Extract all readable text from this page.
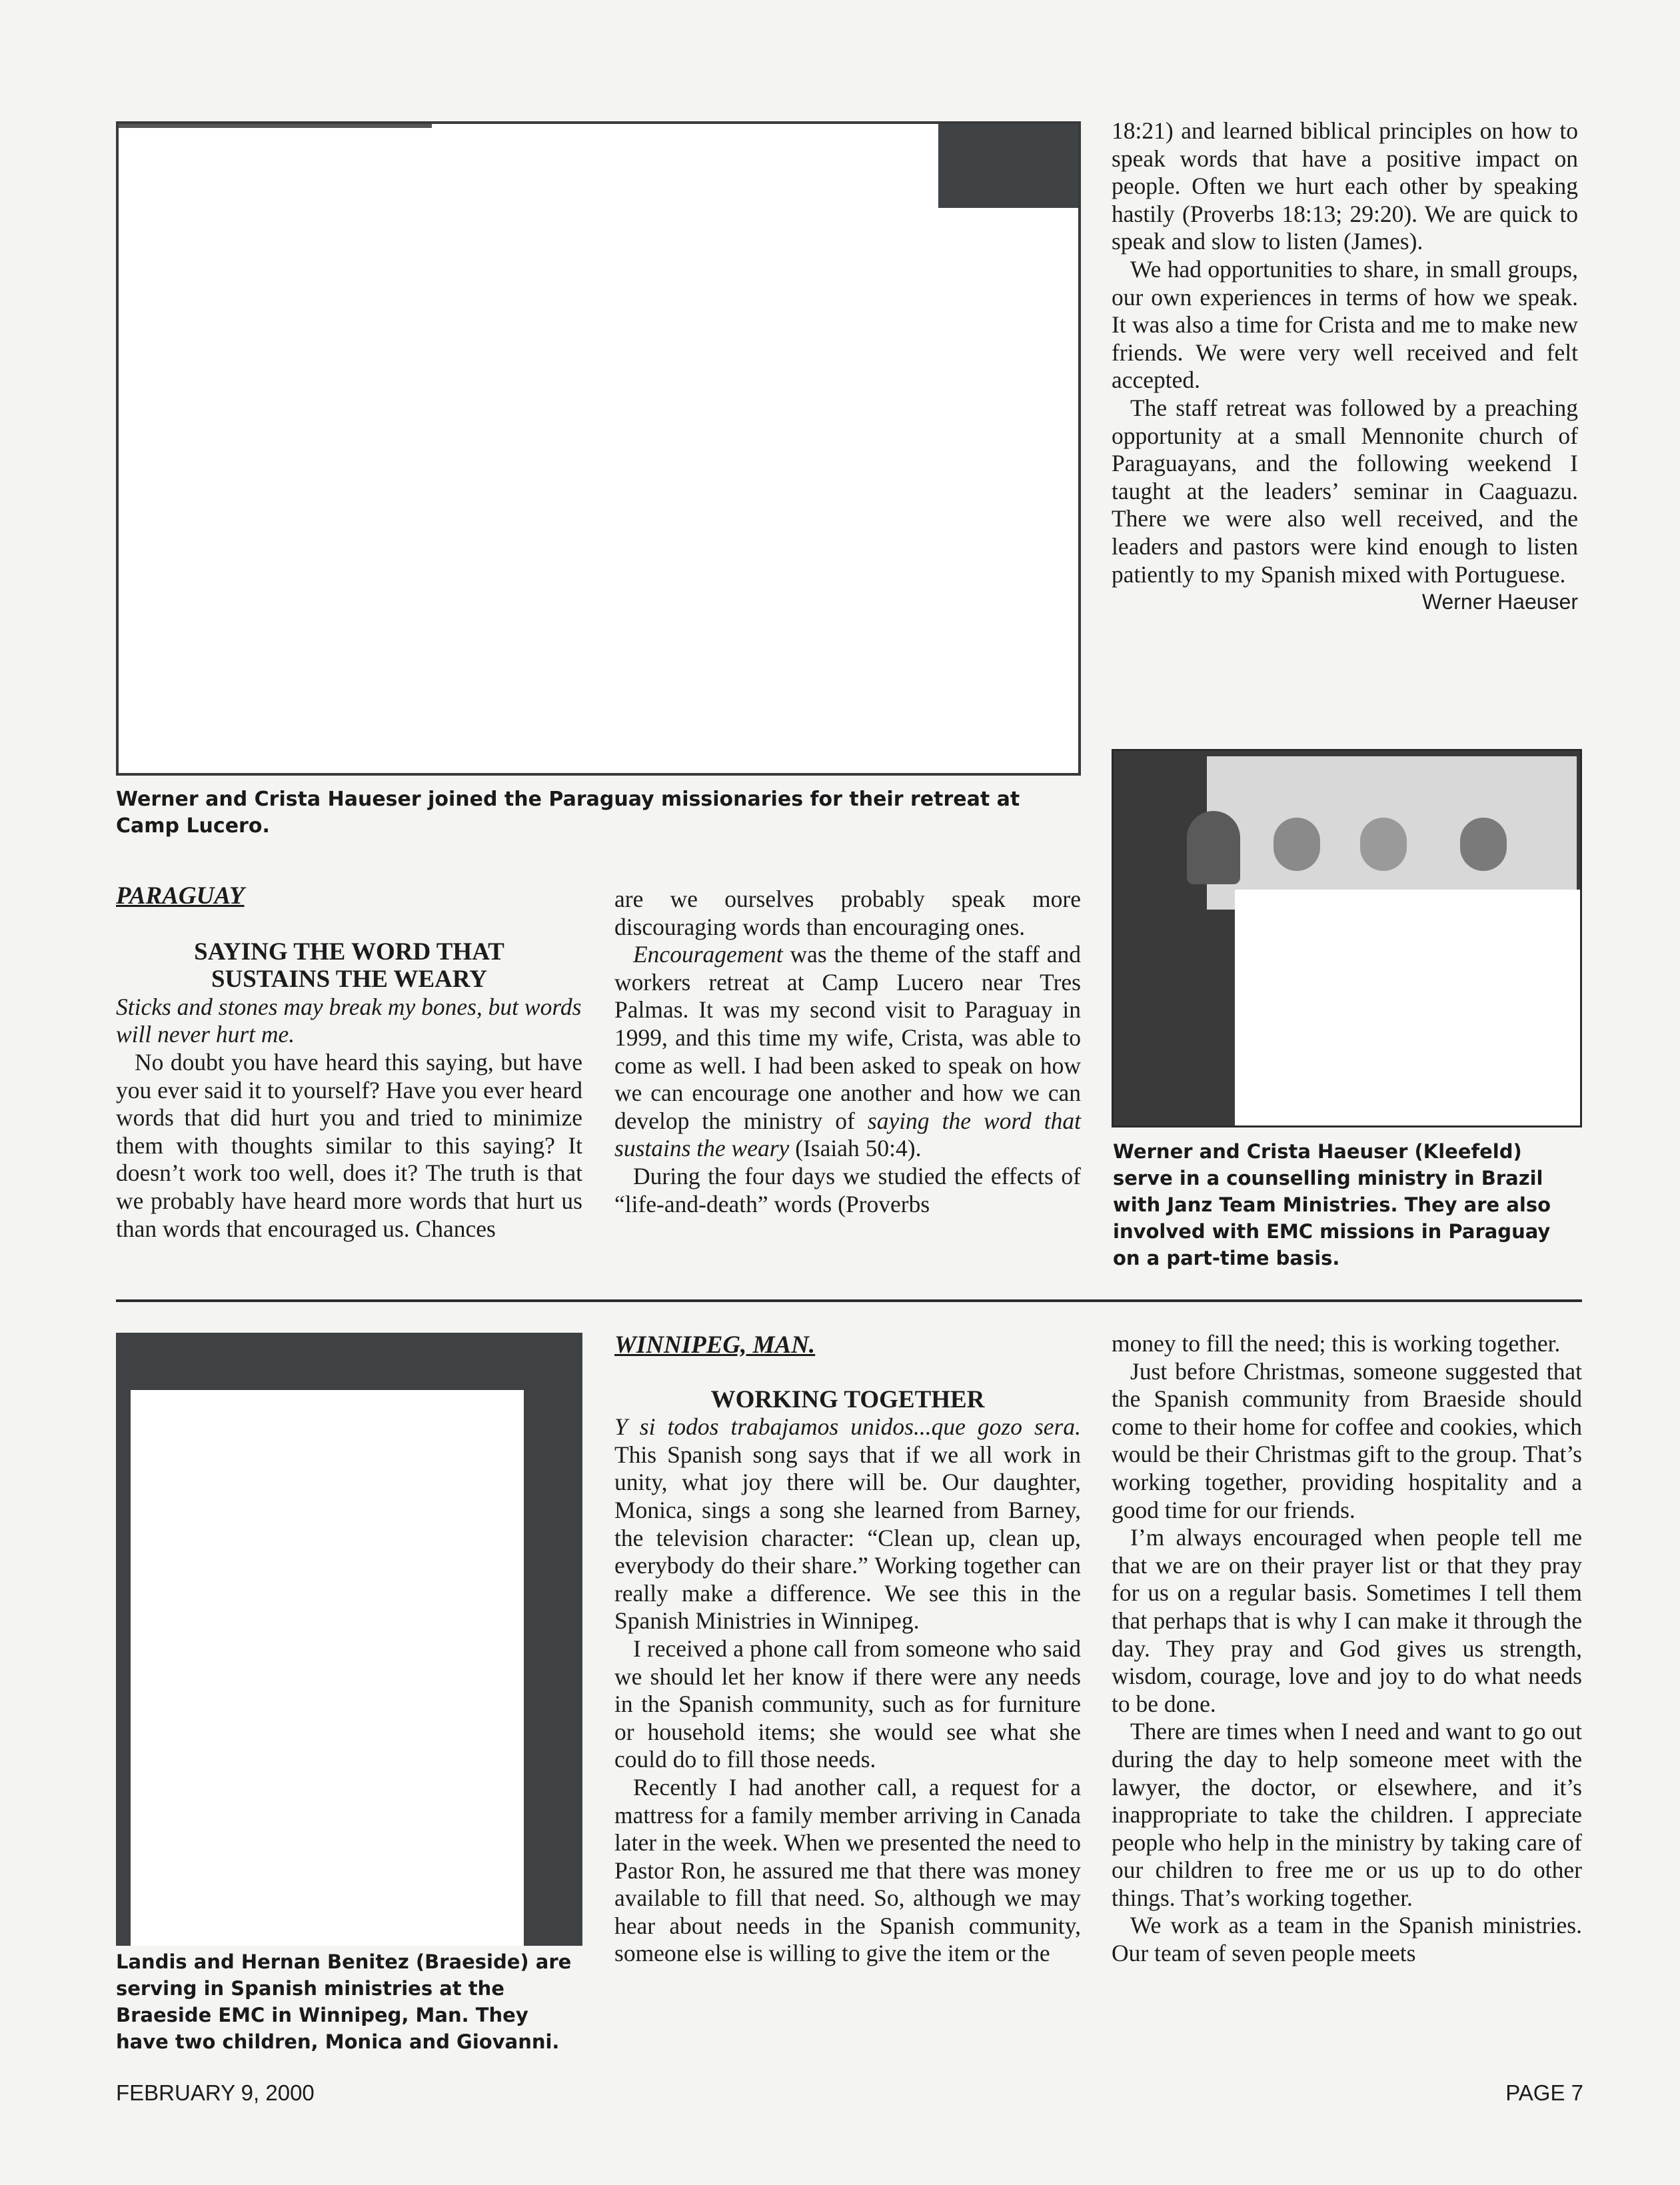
Werner and Crista Haueser joined the Paraguay missionaries for their retreat at Camp Lucero.

PARAGUAY

SAYING THE WORD THAT

SUSTAINS THE WEARY

Sticks and stones may break my bones, but words will never hurt me.

No doubt you have heard this saying, but have you ever said it to yourself? Have you ever heard words that did hurt you and tried to minimize them with thoughts similar to this saying? It doesn’t work too well, does it? The truth is that we probably have heard more words that hurt us than words that encouraged us. Chances

are we ourselves probably speak more discouraging words than encouraging ones.

Encouragement was the theme of the staff and workers retreat at Camp Lucero near Tres Palmas. It was my second visit to Paraguay in 1999, and this time my wife, Crista, was able to come as well. I had been asked to speak on how we can encourage one another and how we can develop the ministry of saying the word that sustains the weary (Isaiah 50:4).

During the four days we studied the effects of “life-and-death” words (Proverbs

18:21) and learned biblical principles on how to speak words that have a positive impact on people. Often we hurt each other by speaking hastily (Proverbs 18:13; 29:20). We are quick to speak and slow to listen (James).

We had opportunities to share, in small groups, our own experiences in terms of how we speak. It was also a time for Crista and me to make new friends. We were very well received and felt accepted.

The staff retreat was followed by a preaching opportunity at a small Mennonite church of Paraguayans, and the following weekend I taught at the leaders’ seminar in Caaguazu. There we were also well received, and the leaders and pastors were kind enough to listen patiently to my Spanish mixed with Portuguese.

Werner Haeuser

Werner and Crista Haeuser (Kleefeld) serve in a counselling ministry in Brazil with Janz Team Ministries. They are also involved with EMC missions in Paraguay on a part-time basis.
Landis and Hernan Benitez (Braeside) are serving in Spanish ministries at the Braeside EMC in Winnipeg, Man. They have two children, Monica and Giovanni.

WINNIPEG, MAN.

WORKING TOGETHER

Y si todos trabajamos unidos...que gozo sera. This Spanish song says that if we all work in unity, what joy there will be. Our daughter, Monica, sings a song she learned from Barney, the television character: “Clean up, clean up, everybody do their share.” Working together can really make a difference. We see this in the Spanish Ministries in Winnipeg.

I received a phone call from someone who said we should let her know if there were any needs in the Spanish community, such as for furniture or household items; she would see what she could do to fill those needs.

Recently I had another call, a request for a mattress for a family member arriving in Canada later in the week. When we presented the need to Pastor Ron, he assured me that there was money available to fill that need. So, although we may hear about needs in the Spanish community, someone else is willing to give the item or the

money to fill the need; this is working together.

Just before Christmas, someone suggested that the Spanish community from Braeside should come to their home for coffee and cookies, which would be their Christmas gift to the group. That’s working together, providing hospitality and a good time for our friends.

I’m always encouraged when people tell me that we are on their prayer list or that they pray for us on a regular basis. Sometimes I tell them that perhaps that is why I can make it through the day. They pray and God gives us strength, wisdom, courage, love and joy to do what needs to be done.

There are times when I need and want to go out during the day to help someone meet with the lawyer, the doctor, or elsewhere, and it’s inappropriate to take the children. I appreciate people who help in the ministry by taking care of our children to free me or us up to do other things. That’s working together.

We work as a team in the Spanish ministries. Our team of seven people meets

FEBRUARY 9, 2000	PAGE 7
